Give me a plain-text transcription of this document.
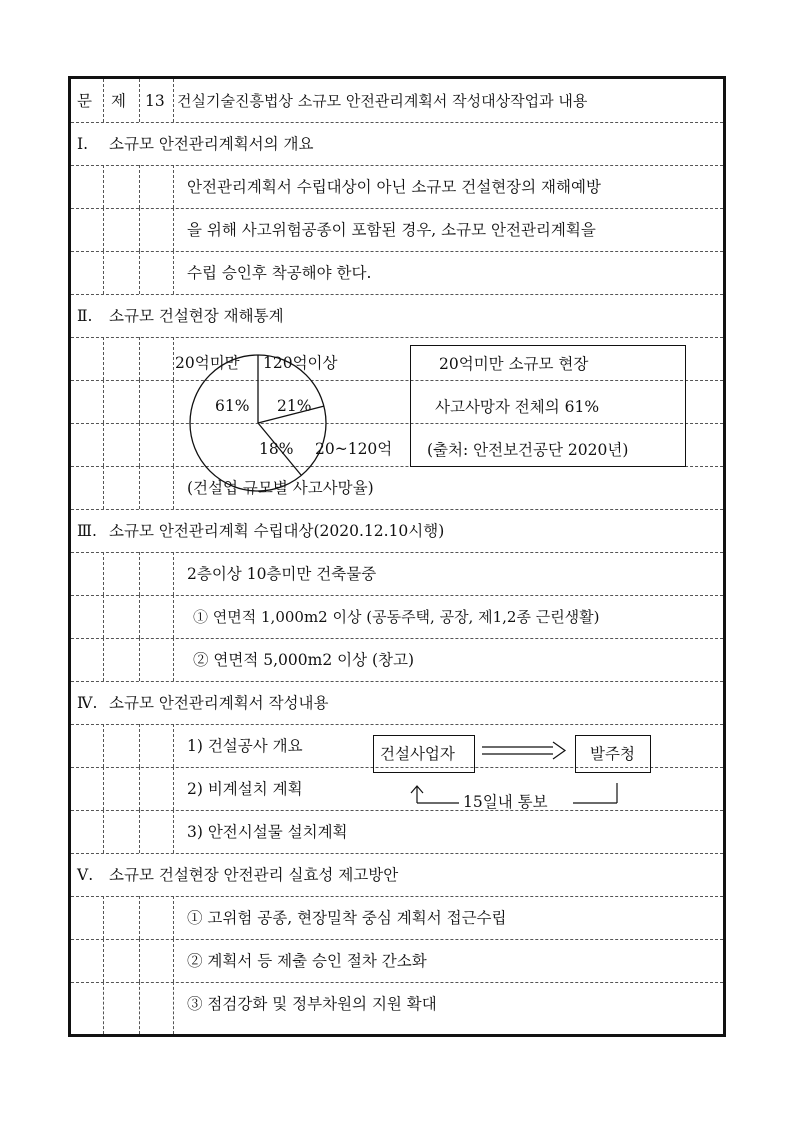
문 제 13 건실기술진흥법상 소규모 안전관리계획서 작성대상작업과 내용
Ⅰ. 소규모 안전관리계획서의 개요
안전관리계획서 수립대상이 아닌 소규모 건설현장의 재해예방
을 위해 사고위험공종이 포함된 경우, 소규모 안전관리계획을
수립 승인후 착공해야 한다.
Ⅱ. 소규모 건설현장 재해통계
(건설업 규모별 사고사망율)
Ⅲ. 소규모 안전관리계획 수립대상(2020.12.10시행)
2층이상 10층미만 건축물중
① 연면적 1,000m2 이상 (공동주택, 공장, 제1,2종 근린생활)
② 연면적 5,000m2 이상 (창고)
Ⅳ. 소규모 안전관리계획서 작성내용
1) 건설공사 개요
2) 비계설치 계획
3) 안전시설물 설치계획
Ⅴ. 소규모 건설현장 안전관리 실효성 제고방안
① 고위험 공종, 현장밀착 중심 계획서 접근수립
② 계획서 등 제출 승인 절차 간소화
③ 점검강화 및 정부차원의 지원 확대
20억미만 120억이상
20~120억
61%
18%
21%
20억미만 소규모 현장
사고사망자 전체의 61%
(출처: 안전보건공단 2020년)
건설사업자	발주청
15일내 통보
